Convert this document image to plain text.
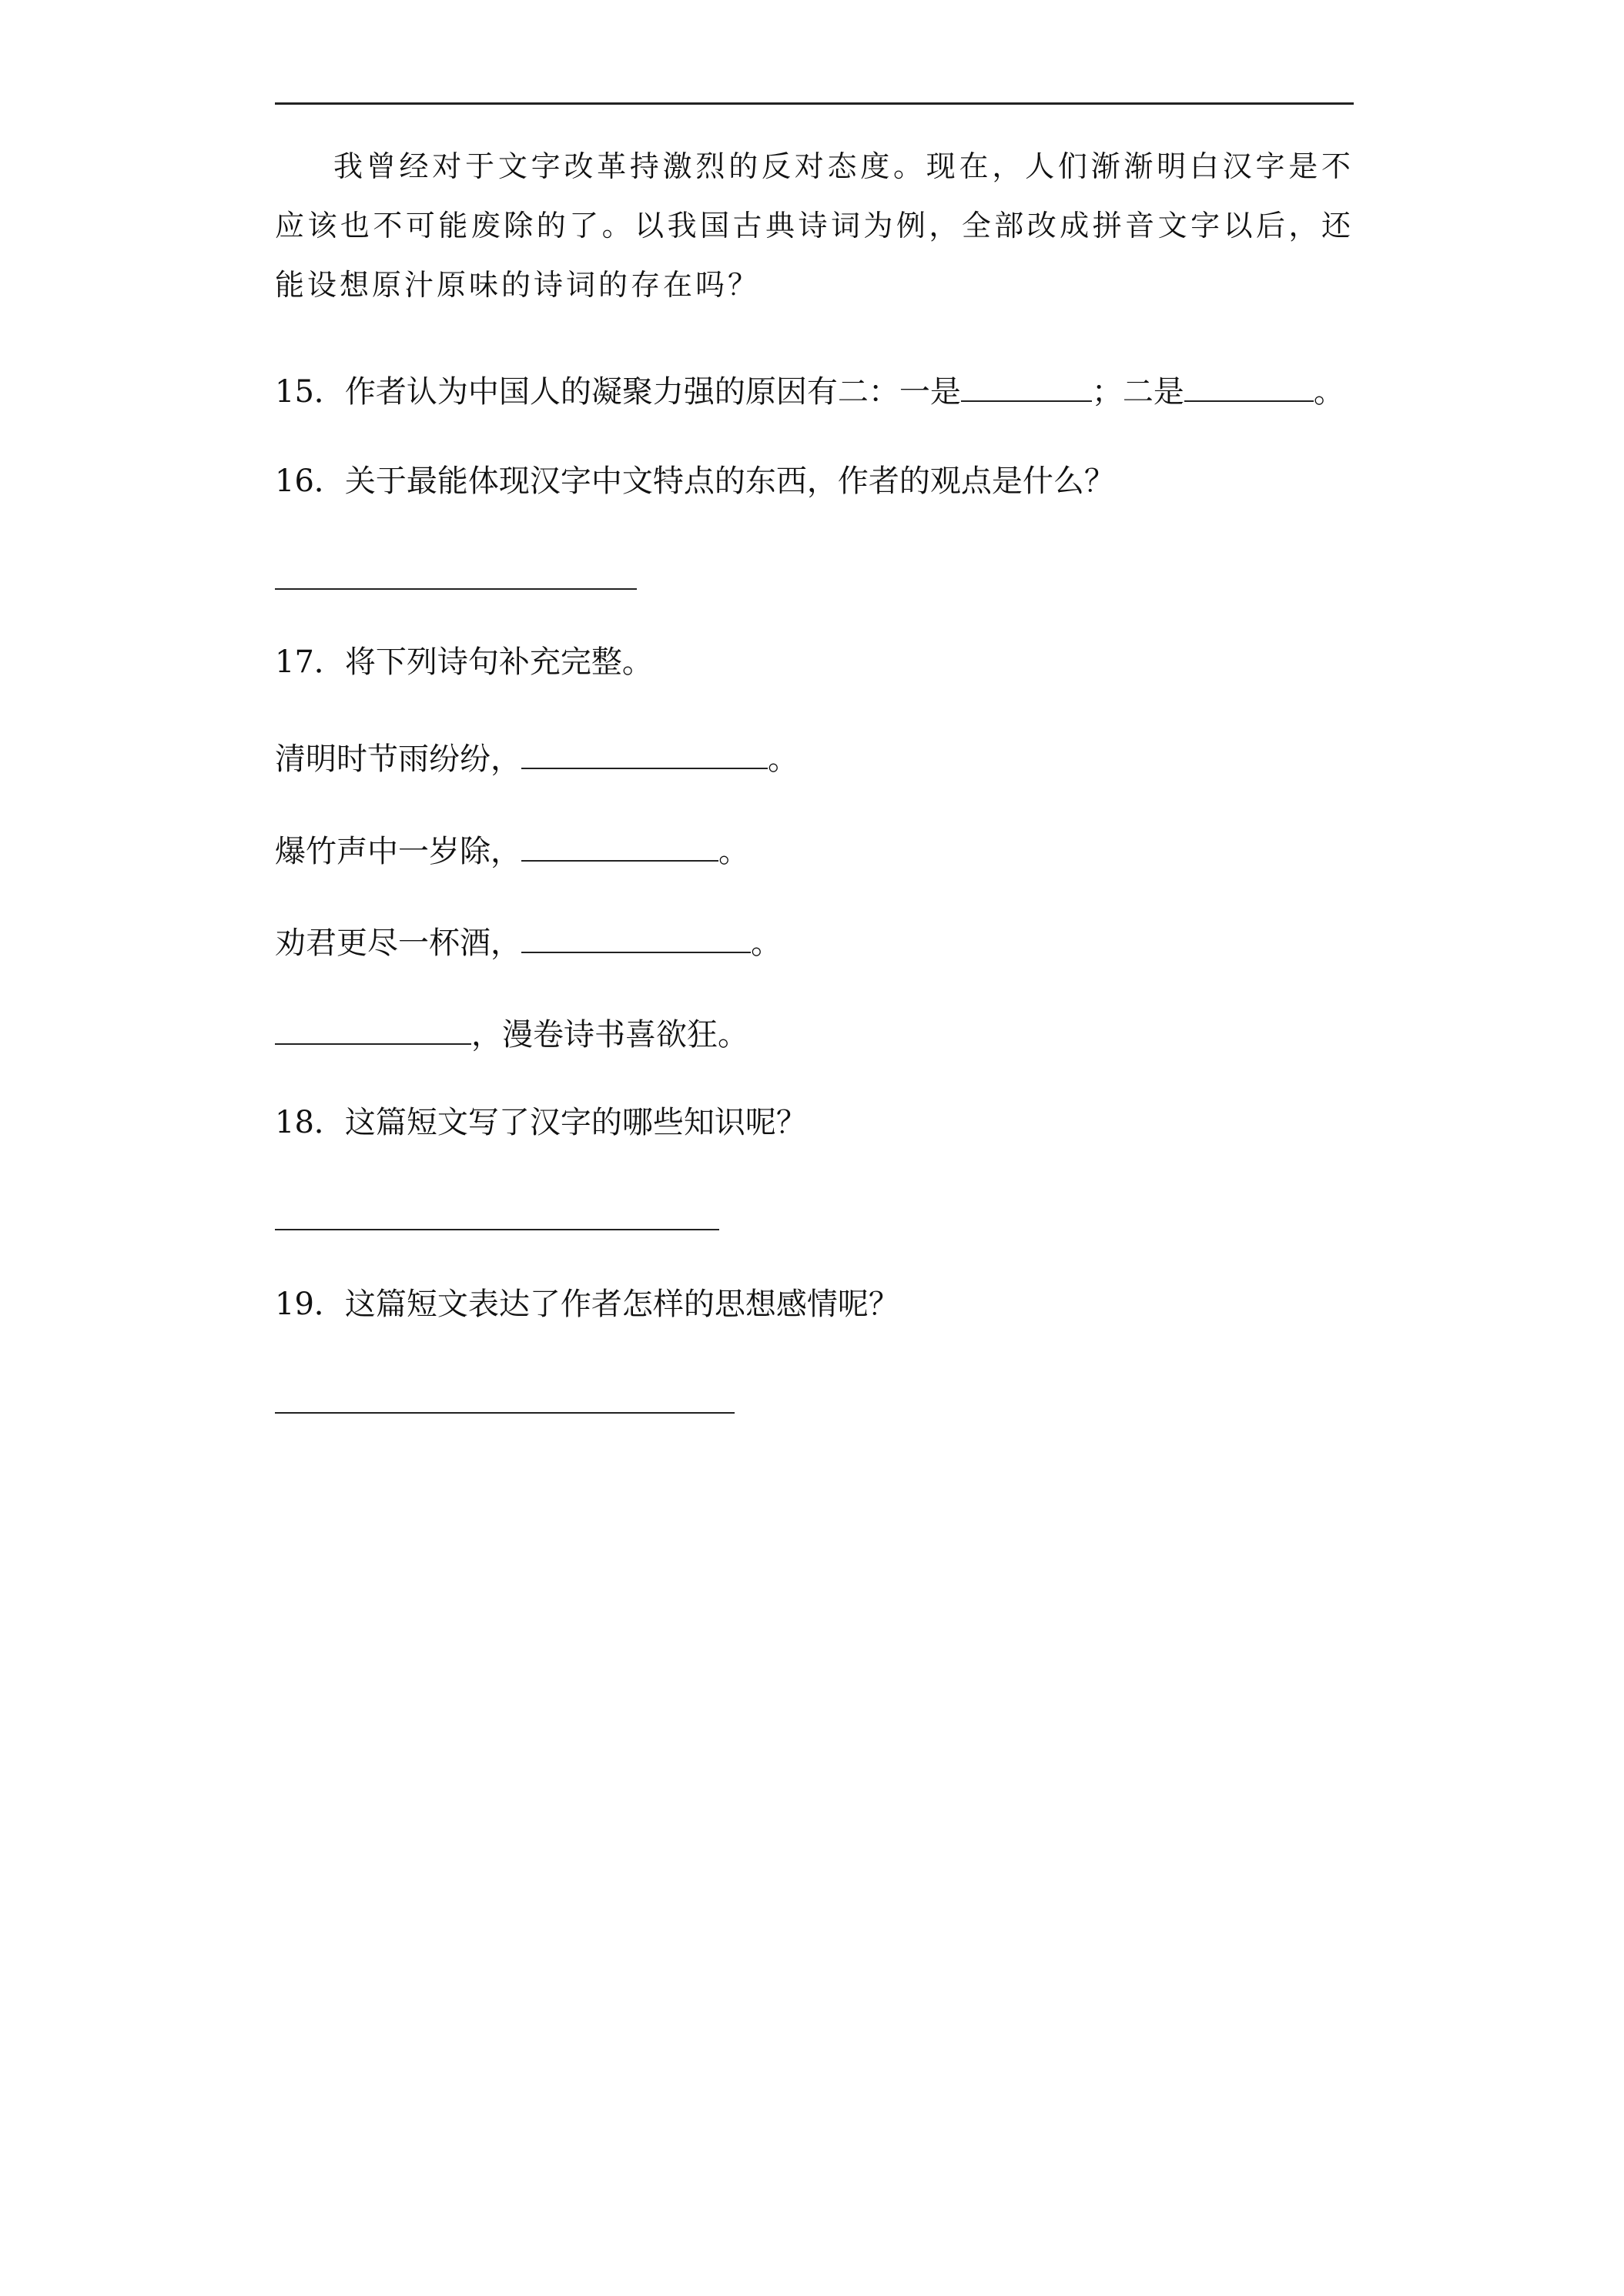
我曾经对于文字改革持激烈的反对态度。现在，人们渐渐明白汉字是不应该也不可能废除的了。以我国古典诗词为例，全部改成拼音文字以后，还能设想原汁原味的诗词的存在吗？

15．作者认为中国人的凝聚力强的原因有二：一是	；二是	。
16．关于最能体现汉字中文特点的东西，作者的观点是什么？
17．将下列诗句补充完整。
清明时节雨纷纷，	。
爆竹声中一岁除，	。
劝君更尽一杯酒，	。
，漫卷诗书喜欲狂。
18．这篇短文写了汉字的哪些知识呢？
19．这篇短文表达了作者怎样的思想感情呢？
